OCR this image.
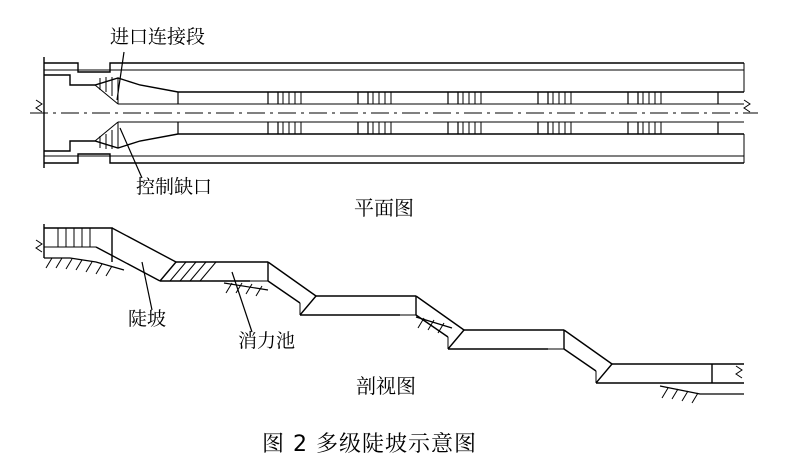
进口连接段
控制缺口
平面图
陡坡
消力池
剖视图
图 2 多级陡坡示意图
